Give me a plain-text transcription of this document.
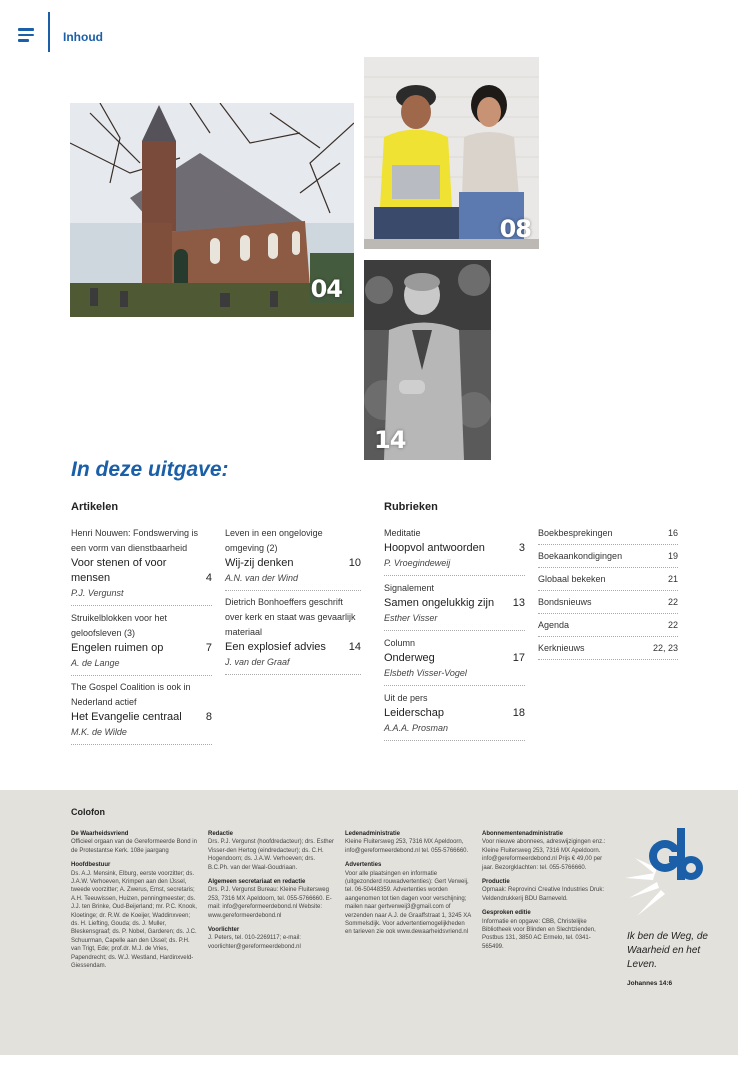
Inhoud
04
08
14
In deze uitgave:
Artikelen	Rubrieken
Henri Nouwen: Fondswerving is een vorm van dienstbaarheid
Voor stenen of voor mensen	4
P.J. Vergunst
Struikelblokken voor het geloofsleven (3)
Engelen ruimen op	7
A. de Lange
The Gospel Coalition is ook in Nederland actief
Het Evangelie centraal 8
M.K. de Wilde
Leven in een ongelovige omgeving (2)
Wij-zij denken	10
A.N. van der Wind
Dietrich Bonhoeffers geschrift over kerk en staat was gevaarlijk materiaal
Een explosief advies 14
J. van der Graaf
Meditatie
Hoopvol antwoorden	3
P. Vroegindeweij
Signalement
Samen ongelukkig zijn 13
Esther Visser
Column
Onderweg	17
Elsbeth Visser-Vogel
Uit de pers
Leiderschap	18
A.A.A. Prosman
Boekbesprekingen	16
Boekaankondigingen	19
Globaal bekeken	21
Bondsnieuws	22
Agenda	22
Kerknieuws	22, 23
Colofon
De Waarheidsvriend
Officieel orgaan van de Gereformeerde Bond in de Protestantse Kerk. 108e jaargang
Hoofdbestuur
Ds. A.J. Mensink, Elburg, eerste voorzitter; ds. J.A.W. Verhoeven, Krimpen aan den IJssel, tweede voorzitter; A. Zwerus, Emst, secretaris; A.H. Teeuwissen, Huizen, penningmeester; ds. J.J. ten Brinke, Oud-Beijerland; mr. P.C. Knook, Kloetinge; dr. R.W. de Koeijer, Waddinxveen; ds. H. Liefting, Gouda; ds. J. Muller, Bleskensgraaf; ds. P. Nobel, Garderen; ds. J.C. Schuurman, Capelle aan den IJssel; ds. P.H. van Trigt, Ede; prof.dr. M.J. de Vries, Papendrecht; ds. W.J. Westland, Hardinxveld-Giessendam.
Redactie
Drs. P.J. Vergunst (hoofdredacteur); drs. Esther Visser-den Hertog (eindredacteur); ds. C.H. Hogendoorn; ds. J.A.W. Verhoeven; drs. B.C.Ph. van der Waal-Goudriaan.
Algemeen secretariaat en redactie
Drs. P.J. Vergunst Bureau: Kleine Fluitersweg 253, 7316 MX Apeldoorn, tel. 055-5766660. E-mail: info@gereformeerdebond.nl Website: www.gereformeerdebond.nl
Voorlichter
J. Peters, tel. 010-2269117; e-mail: voorlichter@gereformeerdebond.nl
Ledenadministratie
Kleine Fluitersweg 253, 7316 MX Apeldoorn, info@gereformeerdebond.nl tel. 055-5766660.
Advertenties
Voor alle plaatsingen en informatie (uitgezonderd rouwadvertenties): Gert Verweij, tel. 06-50448359. Advertenties worden aangenomen tot tien dagen voor verschijning; mailen naar gertverweij3@gmail.com of verzenden naar A.J. de Graaffstraat 1, 3245 XA Sommelsdijk. Voor advertentiemogelijkheden en tarieven zie ook www.dewaarheidsvriend.nl
Abonnementenadministratie
Voor nieuwe abonnees, adreswijzigingen enz.: Kleine Fluitersweg 253, 7316 MX Apeldoorn. info@gereformeerdebond.nl Prijs € 49,00 per jaar. Bezorgklachten: tel. 055-5766660.
Productie
Opmaak: Reprovinci Creative Industries Druk: Veldendrukkerij BDU Barneveld.
Gesproken editie
Informatie en opgave: CBB, Christelijke Bibliotheek voor Blinden en Slechtzienden, Postbus 131, 3850 AC Ermelo, tel. 0341-565499.
Ik ben de Weg, de Waarheid en het Leven.
Johannes 14:6
